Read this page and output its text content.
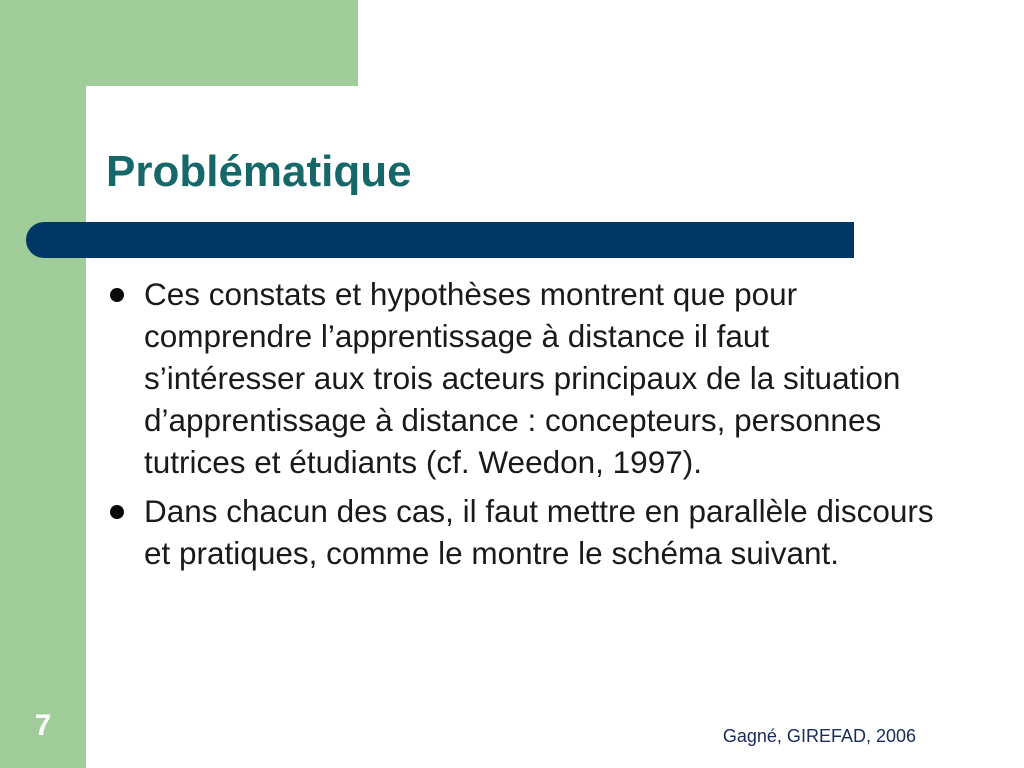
Problématique
Ces constats et hypothèses montrent que pour comprendre l’apprentissage à distance il faut s’intéresser aux trois acteurs principaux de la situation d’apprentissage à distance : concepteurs, personnes tutrices et étudiants (cf. Weedon, 1997).
Dans chacun des cas, il faut mettre en parallèle discours et pratiques, comme le montre le schéma suivant.
7	Gagné, GIREFAD, 2006
